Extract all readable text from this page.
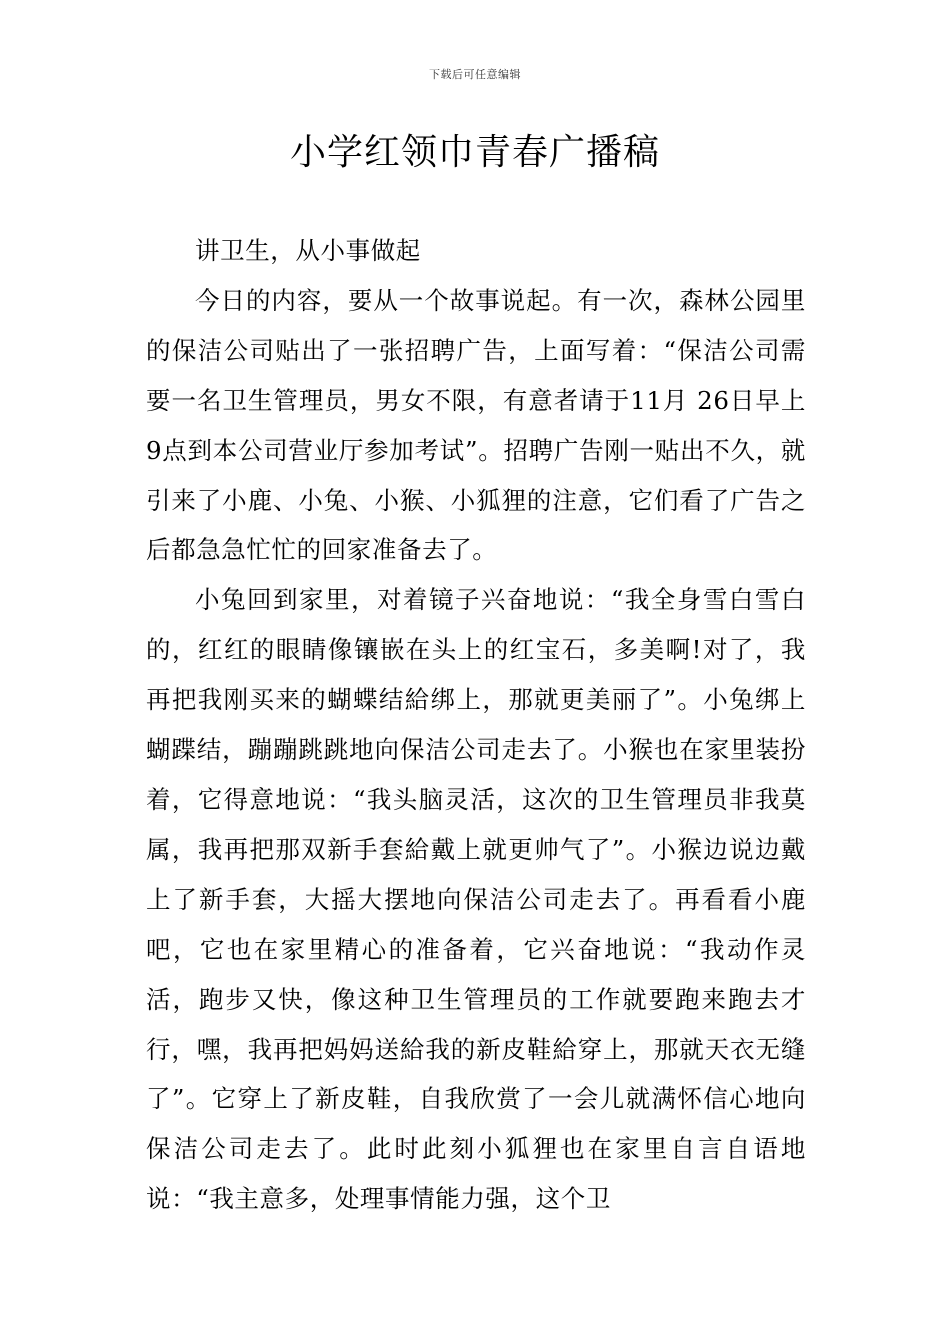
下载后可任意编辑
小学红领巾青春广播稿

讲卫生，从小事做起

今日的内容，要从一个故事说起。有一次，森林公园里的保洁公司贴出了一张招聘广告，上面写着：“保洁公司需要一名卫生管理员，男女不限，有意者请于11月 26日早上9点到本公司营业厅参加考试”。招聘广告刚一贴出不久，就引来了小鹿、小兔、小猴、小狐狸的注意，它们看了广告之后都急急忙忙的回家准备去了。

小兔回到家里，对着镜子兴奋地说：“我全身雪白雪白的，红红的眼睛像镶嵌在头上的红宝石，多美啊!对了，我再把我刚买来的蝴蝶结給绑上，那就更美丽了”。小兔绑上蝴蹀结，蹦蹦跳跳地向保洁公司走去了。小猴也在家里装扮着，它得意地说：“我头脑灵活，这次的卫生管理员非我莫属，我再把那双新手套給戴上就更帅气了”。小猴边说边戴上了新手套，大摇大摆地向保洁公司走去了。再看看小鹿吧，它也在家里精心的准备着，它兴奋地说：“我动作灵活，跑步又快，像这种卫生管理员的工作就要跑来跑去才行，嘿，我再把妈妈送給我的新皮鞋給穿上，那就天衣无缝了”。它穿上了新皮鞋，自我欣赏了一会儿就满怀信心地向保洁公司走去了。此时此刻小狐狸也在家里自言自语地说：“我主意多，处理事情能力强，这个卫
